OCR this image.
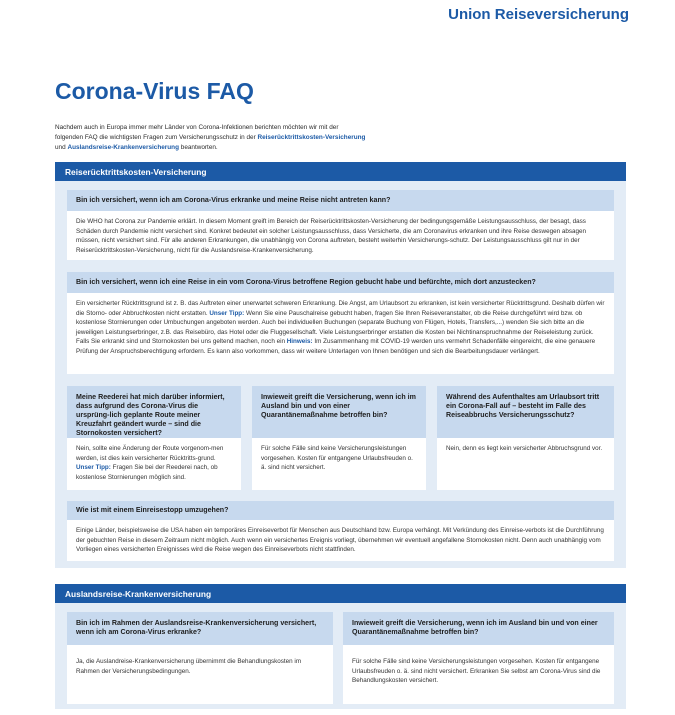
Union Reiseversicherung
Corona-Virus FAQ
Nachdem auch in Europa immer mehr Länder von Corona-Infektionen berichten möchten wir mit der
folgenden FAQ die wichtigsten Fragen zum Versicherungsschutz in der Reiserücktrittskosten-Versicherung
und Auslandsreise-Krankenversicherung beantworten.
Reiserücktrittskosten-Versicherung
Bin ich versichert, wenn ich am Corona-Virus erkranke und meine Reise nicht antreten kann?
Die WHO hat Corona zur Pandemie erklärt. In diesem Moment greift im Bereich der Reiserücktrittskosten-Versicherung der bedingungsgemäße Leistungsausschluss, der besagt, dass Schäden durch Pandemie nicht versichert sind. Konkret bedeutet ein solcher Leistungsausschluss, dass Versicherte, die am Coronavirus erkranken und ihre Reise deswegen absagen müssen, nicht versichert sind. Für alle anderen Erkrankungen, die unabhängig von Corona auftreten, besteht weiterhin Versicherungs-schutz. Der Leistungsausschluss gilt nur in der Reiserücktrittskosten-Versicherung, nicht für die Auslandsreise-Krankenversicherung.
Bin ich versichert, wenn ich eine Reise in ein vom Corona-Virus betroffene Region gebucht habe und befürchte, mich dort anzustecken?
Ein versicherter Rücktrittsgrund ist z. B. das Auftreten einer unerwartet schweren Erkrankung. Die Angst, am Urlaubsort zu erkranken, ist kein versicherter Rücktrittsgrund. Deshalb dürfen wir die Storno- oder Abbruchkosten nicht erstatten. Unser Tipp: Wenn Sie eine Pauschalreise gebucht haben, fragen Sie Ihren Reiseveranstalter, ob die Reise durchgeführt wird bzw. ob kostenlose Stornierungen oder Umbuchungen angeboten werden. Auch bei individuellen Buchungen (separate Buchung von Flügen, Hotels, Transfers,...) wenden Sie sich bitte an die jeweiligen Leistungserbringer, z.B. das Reisebüro, das Hotel oder die Fluggesellschaft. Viele Leistungserbringer erstatten die Kosten bei Nichtinanspruchnahme der Reiseleistung zurück. Falls Sie erkrankt sind und Stornokosten bei uns geltend machen, noch ein Hinweis: Im Zusammenhang mit COVID-19 werden uns vermehrt Schadenfälle eingereicht, die eine genauere Prüfung der Anspruchsberechtigung erfordern. Es kann also vorkommen, dass wir weitere Unterlagen von Ihnen benötigen und sich die Bearbeitungsdauer verlängert.
Meine Reederei hat mich darüber informiert, dass aufgrund des Corona-Virus die ursprüng-lich geplante Route meiner Kreuzfahrt geändert wurde – sind die Stornokosten versichert?
Nein, sollte eine Änderung der Route vorgenom-men werden, ist dies kein versicherter Rücktritts-grund. Unser Tipp: Fragen Sie bei der Reederei nach, ob kostenlose Stornierungen möglich sind.
Inwieweit greift die Versicherung, wenn ich im Ausland bin und von einer Quarantänemaßnahme betroffen bin?
Für solche Fälle sind keine Versicherungsleistungen vorgesehen. Kosten für entgangene Urlaubsfreuden o. ä. sind nicht versichert.
Während des Aufenthaltes am Urlaubsort tritt ein Corona-Fall auf – besteht im Falle des Reiseabbruchs Versicherungsschutz?
Nein, denn es liegt kein versicherter Abbruchsgrund vor.
Wie ist mit einem Einreisestopp umzugehen?
Einige Länder, beispielsweise die USA haben ein temporäres Einreiseverbot für Menschen aus Deutschland bzw. Europa verhängt. Mit Verkündung des Einreise-verbots ist die Durchführung der gebuchten Reise in diesem Zeitraum nicht möglich. Auch wenn ein versichertes Ereignis vorliegt, übernehmen wir eventuell angefallene Stornokosten nicht. Denn auch unabhängig vom Vorliegen eines versicherten Ereignisses wird die Reise wegen des Einreiseverbots nicht stattfinden.
Auslandsreise-Krankenversicherung
Bin ich im Rahmen der Auslandsreise-Krankenversicherung versichert, wenn ich am Corona-Virus erkranke?
Ja, die Auslandreise-Krankenversicherung übernimmt die Behandlungskosten im Rahmen der Versicherungsbedingungen.
Inwieweit greift die Versicherung, wenn ich im Ausland bin und von einer Quarantänemaßnahme betroffen bin?
Für solche Fälle sind keine Versicherungsleistungen vorgesehen. Kosten für entgangene Urlaubsfreuden o. ä. sind nicht versichert. Erkranken Sie selbst am Corona-Virus sind die Behandlungskosten versichert.
